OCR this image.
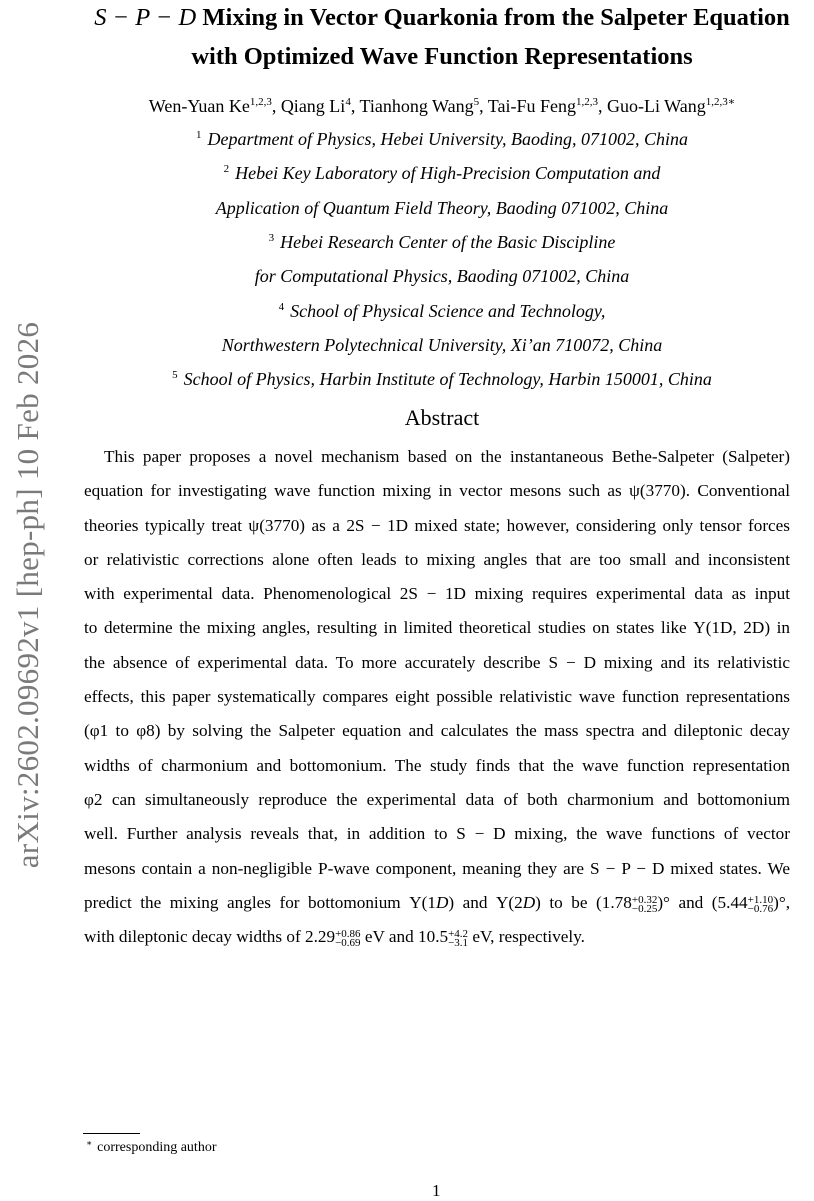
arXiv:2602.09692v1 [hep-ph] 10 Feb 2026
S − P − D Mixing in Vector Quarkonia from the Salpeter Equation
with Optimized Wave Function Representations
Wen-Yuan Ke$^{1,2,3}$, Qiang Li$^4$, Tianhong Wang$^5$, Tai-Fu Feng$^{1,2,3}$, Guo-Li Wang$^{1,2,3∗}$
$^1$ Department of Physics, Hebei University, Baoding, 071002, China
$^2$ Hebei Key Laboratory of High-Precision Computation and
Application of Quantum Field Theory, Baoding 071002, China
$^3$ Hebei Research Center of the Basic Discipline
for Computational Physics, Baoding 071002, China
$^4$ School of Physical Science and Technology,
Northwestern Polytechnical University, Xi’an 710072, China
$^5$ School of Physics, Harbin Institute of Technology, Harbin 150001, China
Abstract
This paper proposes a novel mechanism based on the instantaneous Bethe-Salpeter (Salpeter)
equation for investigating wave function mixing in vector mesons such as ψ(3770). Conventional
theories typically treat ψ(3770) as a 2S − 1D mixed state; however, considering only tensor forces
or relativistic corrections alone often leads to mixing angles that are too small and inconsistent
with experimental data. Phenomenological 2S − 1D mixing requires experimental data as input
to determine the mixing angles, resulting in limited theoretical studies on states like Υ(1D, 2D) in
the absence of experimental data. To more accurately describe S − D mixing and its relativistic
effects, this paper systematically compares eight possible relativistic wave function representations
(φ1 to φ8) by solving the Salpeter equation and calculates the mass spectra and dileptonic decay
widths of charmonium and bottomonium. The study finds that the wave function representation
φ2 can simultaneously reproduce the experimental data of both charmonium and bottomonium
well. Further analysis reveals that, in addition to S − D mixing, the wave functions of vector
mesons contain a non-negligible P-wave component, meaning they are S − P − D mixed states. We
predict the mixing angles for bottomonium Υ(1D) and Υ(2D) to be (1.78 +0.32
−0.25 )° and (5.44 +1.10
−0.76 )°,
with dileptonic decay widths of 2.29 +0.86
−0.69 eV and 10.5 +4.2
−3.1 eV, respectively.
∗ corresponding author
1
